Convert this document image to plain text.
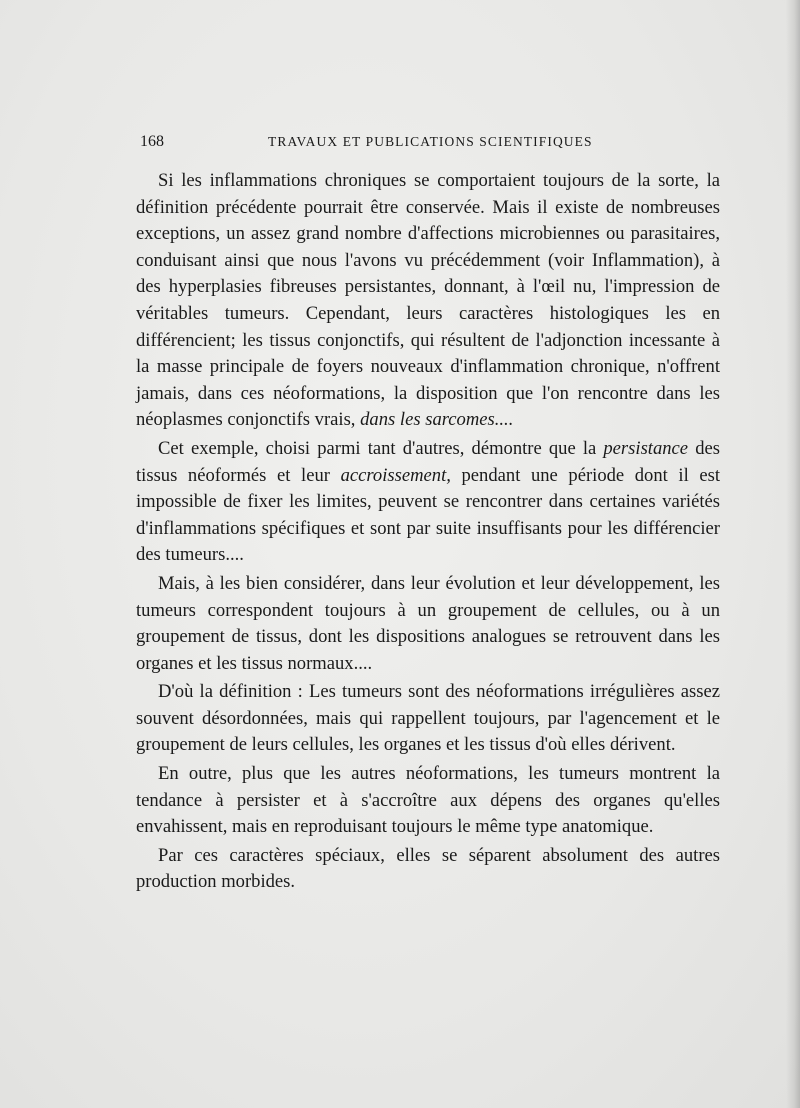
168	TRAVAUX ET PUBLICATIONS SCIENTIFIQUES

Si les inflammations chroniques se comportaient toujours de la sorte, la définition précédente pourrait être conservée. Mais il existe de nombreuses exceptions, un assez grand nombre d'affections microbiennes ou parasitaires, conduisant ainsi que nous l'avons vu précédemment (voir Inflammation), à des hyperplasies fibreuses persistantes, donnant, à l'œil nu, l'impression de véritables tumeurs. Cependant, leurs caractères histologiques les en différencient; les tissus conjonctifs, qui résultent de l'adjonction incessante à la masse principale de foyers nouveaux d'inflammation chronique, n'offrent jamais, dans ces néoformations, la disposition que l'on rencontre dans les néoplasmes conjonctifs vrais, dans les sarcomes....

Cet exemple, choisi parmi tant d'autres, démontre que la persistance des tissus néoformés et leur accroissement, pendant une période dont il est impossible de fixer les limites, peuvent se rencontrer dans certaines variétés d'inflammations spécifiques et sont par suite insuffisants pour les différencier des tumeurs....

Mais, à les bien considérer, dans leur évolution et leur développement, les tumeurs correspondent toujours à un groupement de cellules, ou à un groupement de tissus, dont les dispositions analogues se retrouvent dans les organes et les tissus normaux....

D'où la définition : Les tumeurs sont des néoformations irrégulières assez souvent désordonnées, mais qui rappellent toujours, par l'agencement et le groupement de leurs cellules, les organes et les tissus d'où elles dérivent.

En outre, plus que les autres néoformations, les tumeurs montrent la tendance à persister et à s'accroître aux dépens des organes qu'elles envahissent, mais en reproduisant toujours le même type anatomique.

Par ces caractères spéciaux, elles se séparent absolument des autres production morbides.
